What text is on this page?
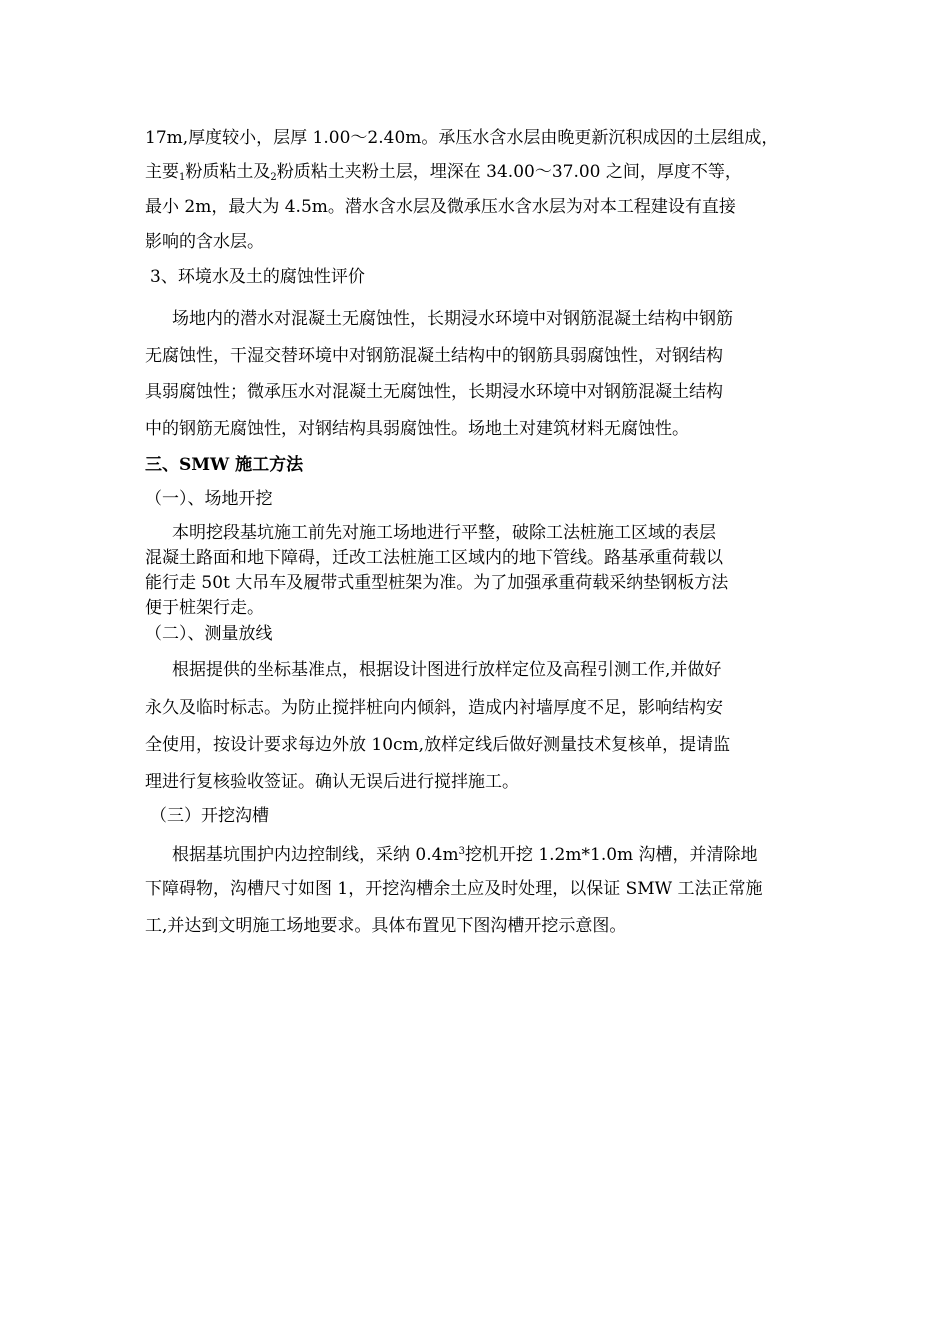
17m,厚度较小，层厚 1.00～2.40m。承压水含水层由晚更新沉积成因的土层组成，
主要$_1$粉质粘土及$_2$粉质粘土夹粉土层，埋深在 34.00～37.00 之间，厚度不等，
最小 2m，最大为 4.5m。潜水含水层及微承压水含水层为对本工程建设有直接
影响的含水层。
3、环境水及土的腐蚀性评价
场地内的潜水对混凝土无腐蚀性，长期浸水环境中对钢筋混凝土结构中钢筋
无腐蚀性，干湿交替环境中对钢筋混凝土结构中的钢筋具弱腐蚀性，对钢结构
具弱腐蚀性；微承压水对混凝土无腐蚀性，长期浸水环境中对钢筋混凝土结构
中的钢筋无腐蚀性，对钢结构具弱腐蚀性。场地土对建筑材料无腐蚀性。
三、SMW 施工方法
（一）、场地开挖
本明挖段基坑施工前先对施工场地进行平整，破除工法桩施工区域的表层
混凝土路面和地下障碍，迁改工法桩施工区域内的地下管线。路基承重荷载以
能行走 50t 大吊车及履带式重型桩架为准。为了加强承重荷载采纳垫钢板方法
便于桩架行走。
（二）、测量放线
根据提供的坐标基准点，根据设计图进行放样定位及高程引测工作,并做好
永久及临时标志。为防止搅拌桩向内倾斜，造成内衬墙厚度不足，影响结构安
全使用，按设计要求每边外放 10cm,放样定线后做好测量技术复核单，提请监
理进行复核验收签证。确认无误后进行搅拌施工。
（三）开挖沟槽
根据基坑围护内边控制线，采纳 $0.4m^3$挖机开挖 1.2m*1.0m 沟槽，并清除地
下障碍物，沟槽尺寸如图 1，开挖沟槽余土应及时处理，以保证 SMW 工法正常施
工,并达到文明施工场地要求。具体布置见下图沟槽开挖示意图。
